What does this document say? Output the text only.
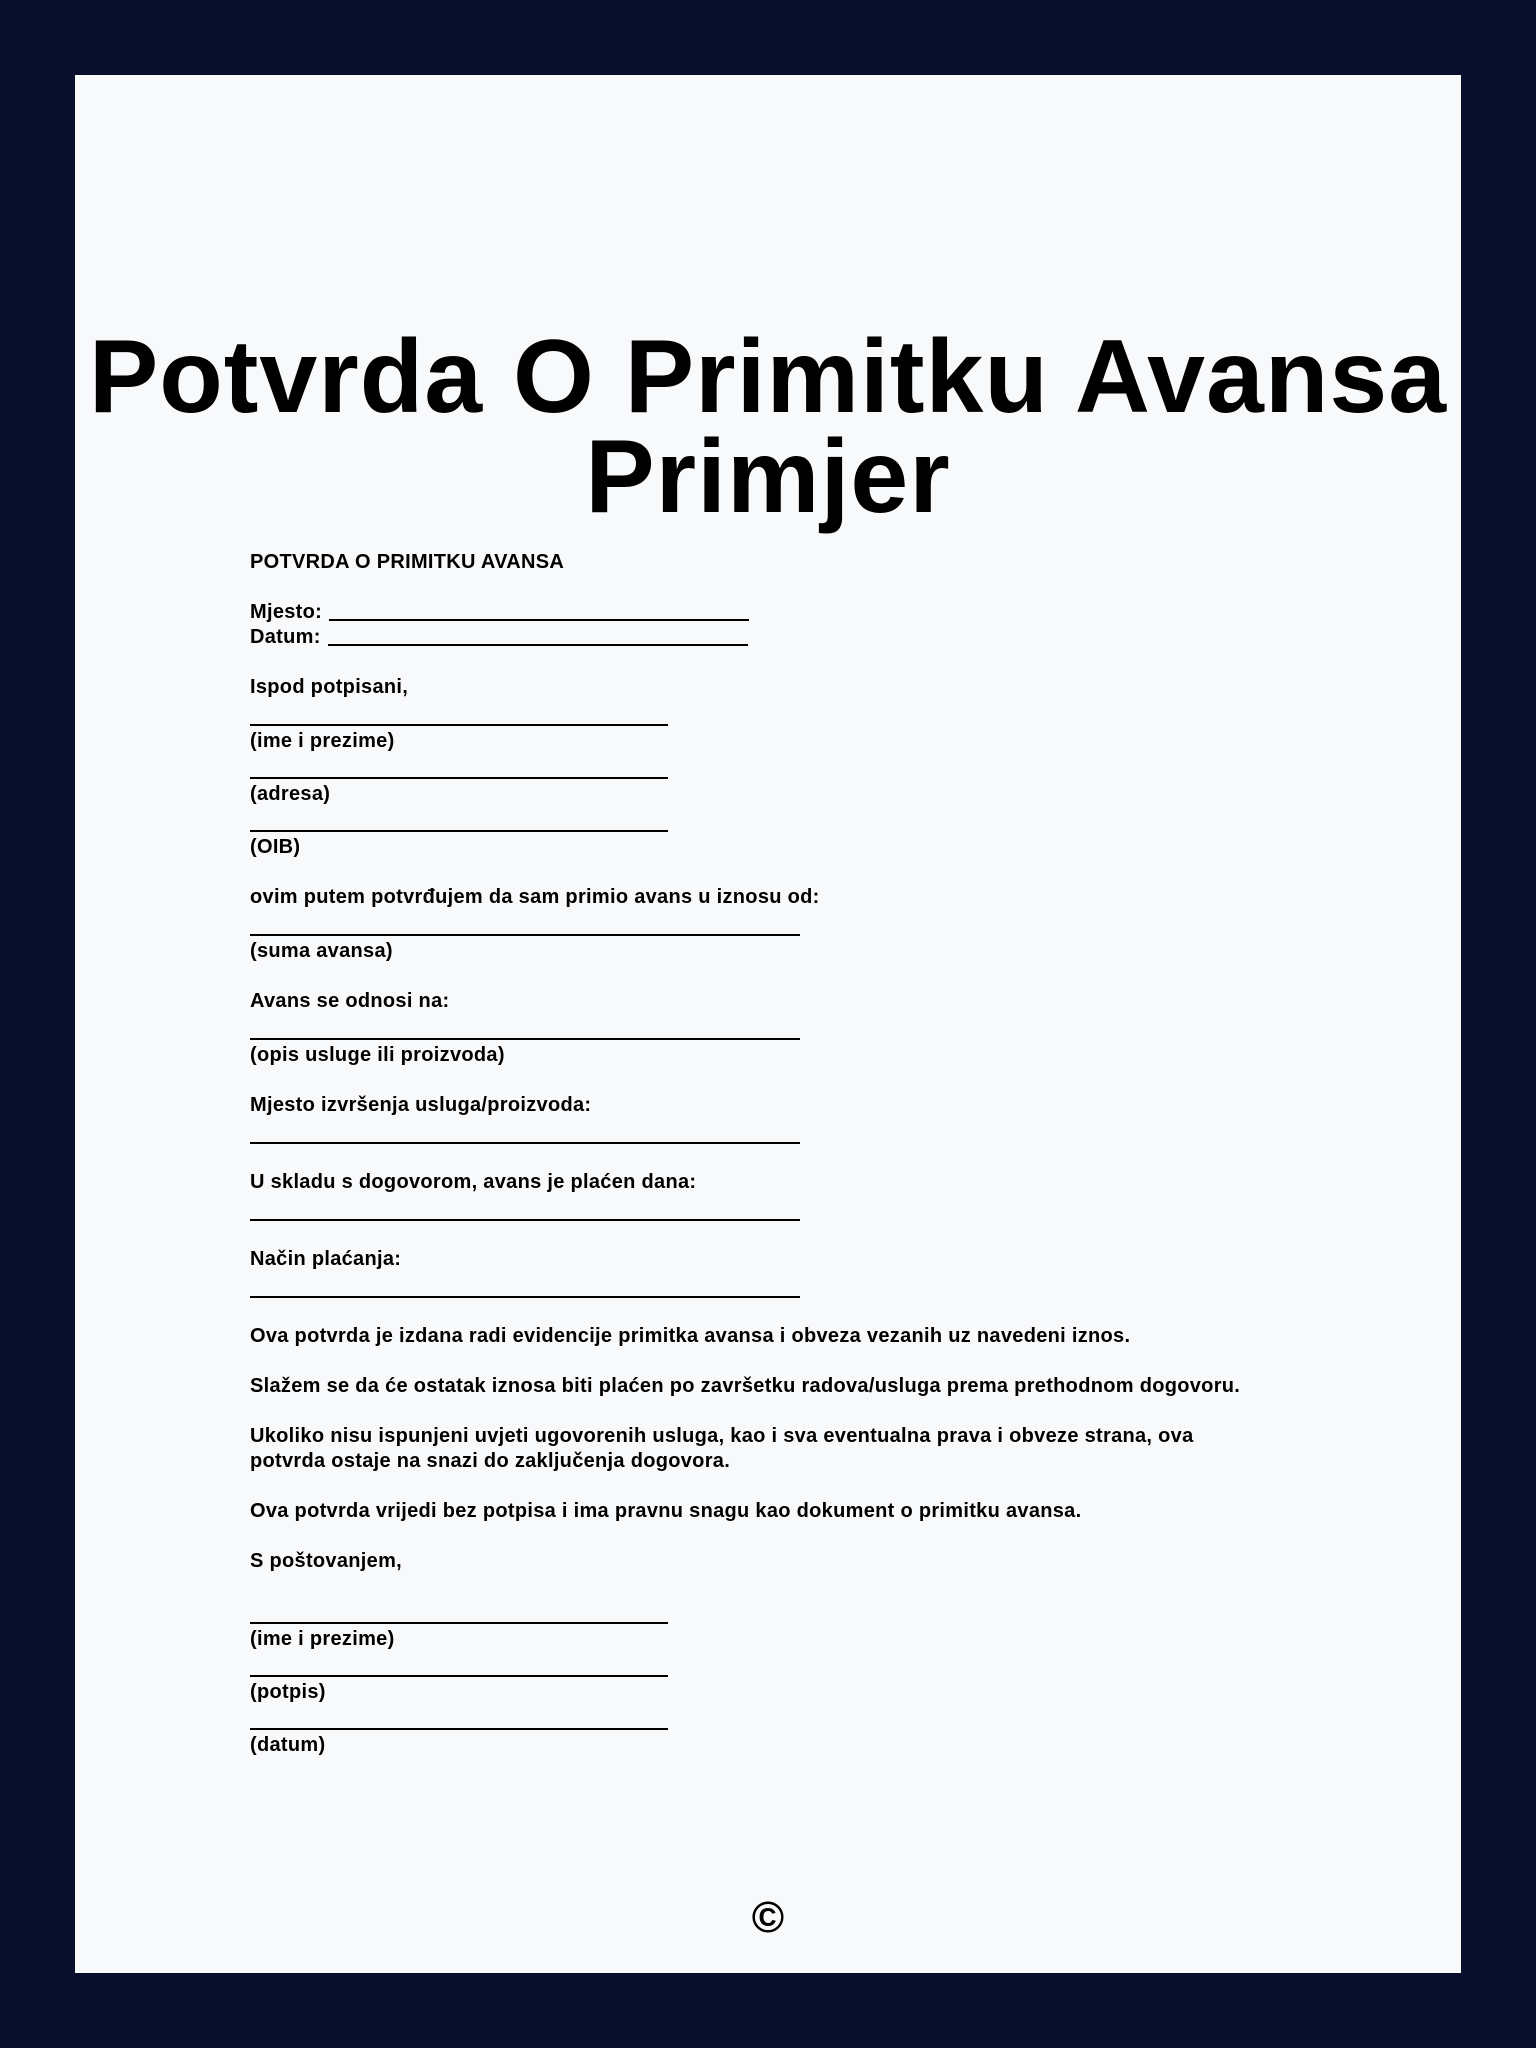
Potvrda O Primitku Avansa Primjer
POTVRDA O PRIMITKU AVANSA
Mjesto:
Datum:
Ispod potpisani,
(ime i prezime)
(adresa)
(OIB)
ovim putem potvrđujem da sam primio avans u iznosu od:
(suma avansa)
Avans se odnosi na:
(opis usluge ili proizvoda)
Mjesto izvršenja usluga/proizvoda:
U skladu s dogovorom, avans je plaćen dana:
Način plaćanja:

Ova potvrda je izdana radi evidencije primitka avansa i obveza vezanih uz navedeni iznos.

Slažem se da će ostatak iznosa biti plaćen po završetku radova/usluga prema prethodnom dogovoru.

Ukoliko nisu ispunjeni uvjeti ugovorenih usluga, kao i sva eventualna prava i obveze strana, ova potvrda ostaje na snazi do zaključenja dogovora.

Ova potvrda vrijedi bez potpisa i ima pravnu snagu kao dokument o primitku avansa.

S poštovanjem,
(ime i prezime)
(potpis)
(datum)
©
